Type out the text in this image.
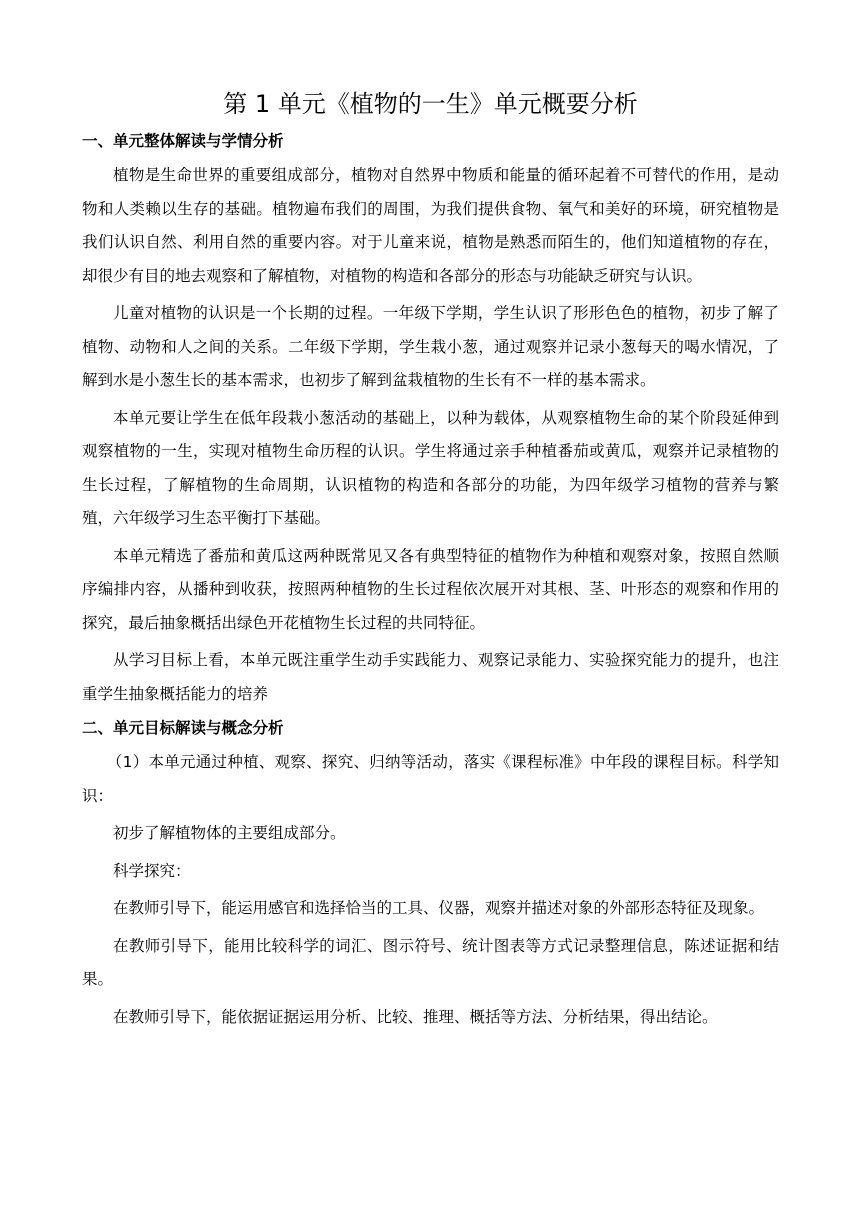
第 1 单元《植物的一生》单元概要分析
一、单元整体解读与学情分析

植物是生命世界的重要组成部分，植物对自然界中物质和能量的循环起着不可替代的作用，是动物和人类赖以生存的基础。植物遍布我们的周围，为我们提供食物、氧气和美好的环境，研究植物是我们认识自然、利用自然的重要内容。对于儿童来说，植物是熟悉而陌生的，他们知道植物的存在，却很少有目的地去观察和了解植物，对植物的构造和各部分的形态与功能缺乏研究与认识。

儿童对植物的认识是一个长期的过程。一年级下学期，学生认识了形形色色的植物，初步了解了植物、动物和人之间的关系。二年级下学期，学生栽小葱，通过观察并记录小葱每天的喝水情况，了解到水是小葱生长的基本需求，也初步了解到盆栽植物的生长有不一样的基本需求。

本单元要让学生在低年段栽小葱活动的基础上，以种为载体，从观察植物生命的某个阶段延伸到观察植物的一生，实现对植物生命历程的认识。学生将通过亲手种植番茄或黄瓜，观察并记录植物的生长过程，了解植物的生命周期，认识植物的构造和各部分的功能，为四年级学习植物的营养与繁殖，六年级学习生态平衡打下基础。

本单元精选了番茄和黄瓜这两种既常见又各有典型特征的植物作为种植和观察对象，按照自然顺序编排内容，从播种到收获，按照两种植物的生长过程依次展开对其根、茎、叶形态的观察和作用的探究，最后抽象概括出绿色开花植物生长过程的共同特征。

从学习目标上看，本单元既注重学生动手实践能力、观察记录能力、实验探究能力的提升，也注重学生抽象概括能力的培养

二、单元目标解读与概念分析

（1）本单元通过种植、观察、探究、归纳等活动，落实《课程标准》中年段的课程目标。科学知识：

初步了解植物体的主要组成部分。

科学探究：

在教师引导下，能运用感官和选择恰当的工具、仪器，观察并描述对象的外部形态特征及现象。

在教师引导下，能用比较科学的词汇、图示符号、统计图表等方式记录整理信息，陈述证据和结果。

在教师引导下，能依据证据运用分析、比较、推理、概括等方法、分析结果，得出结论。
